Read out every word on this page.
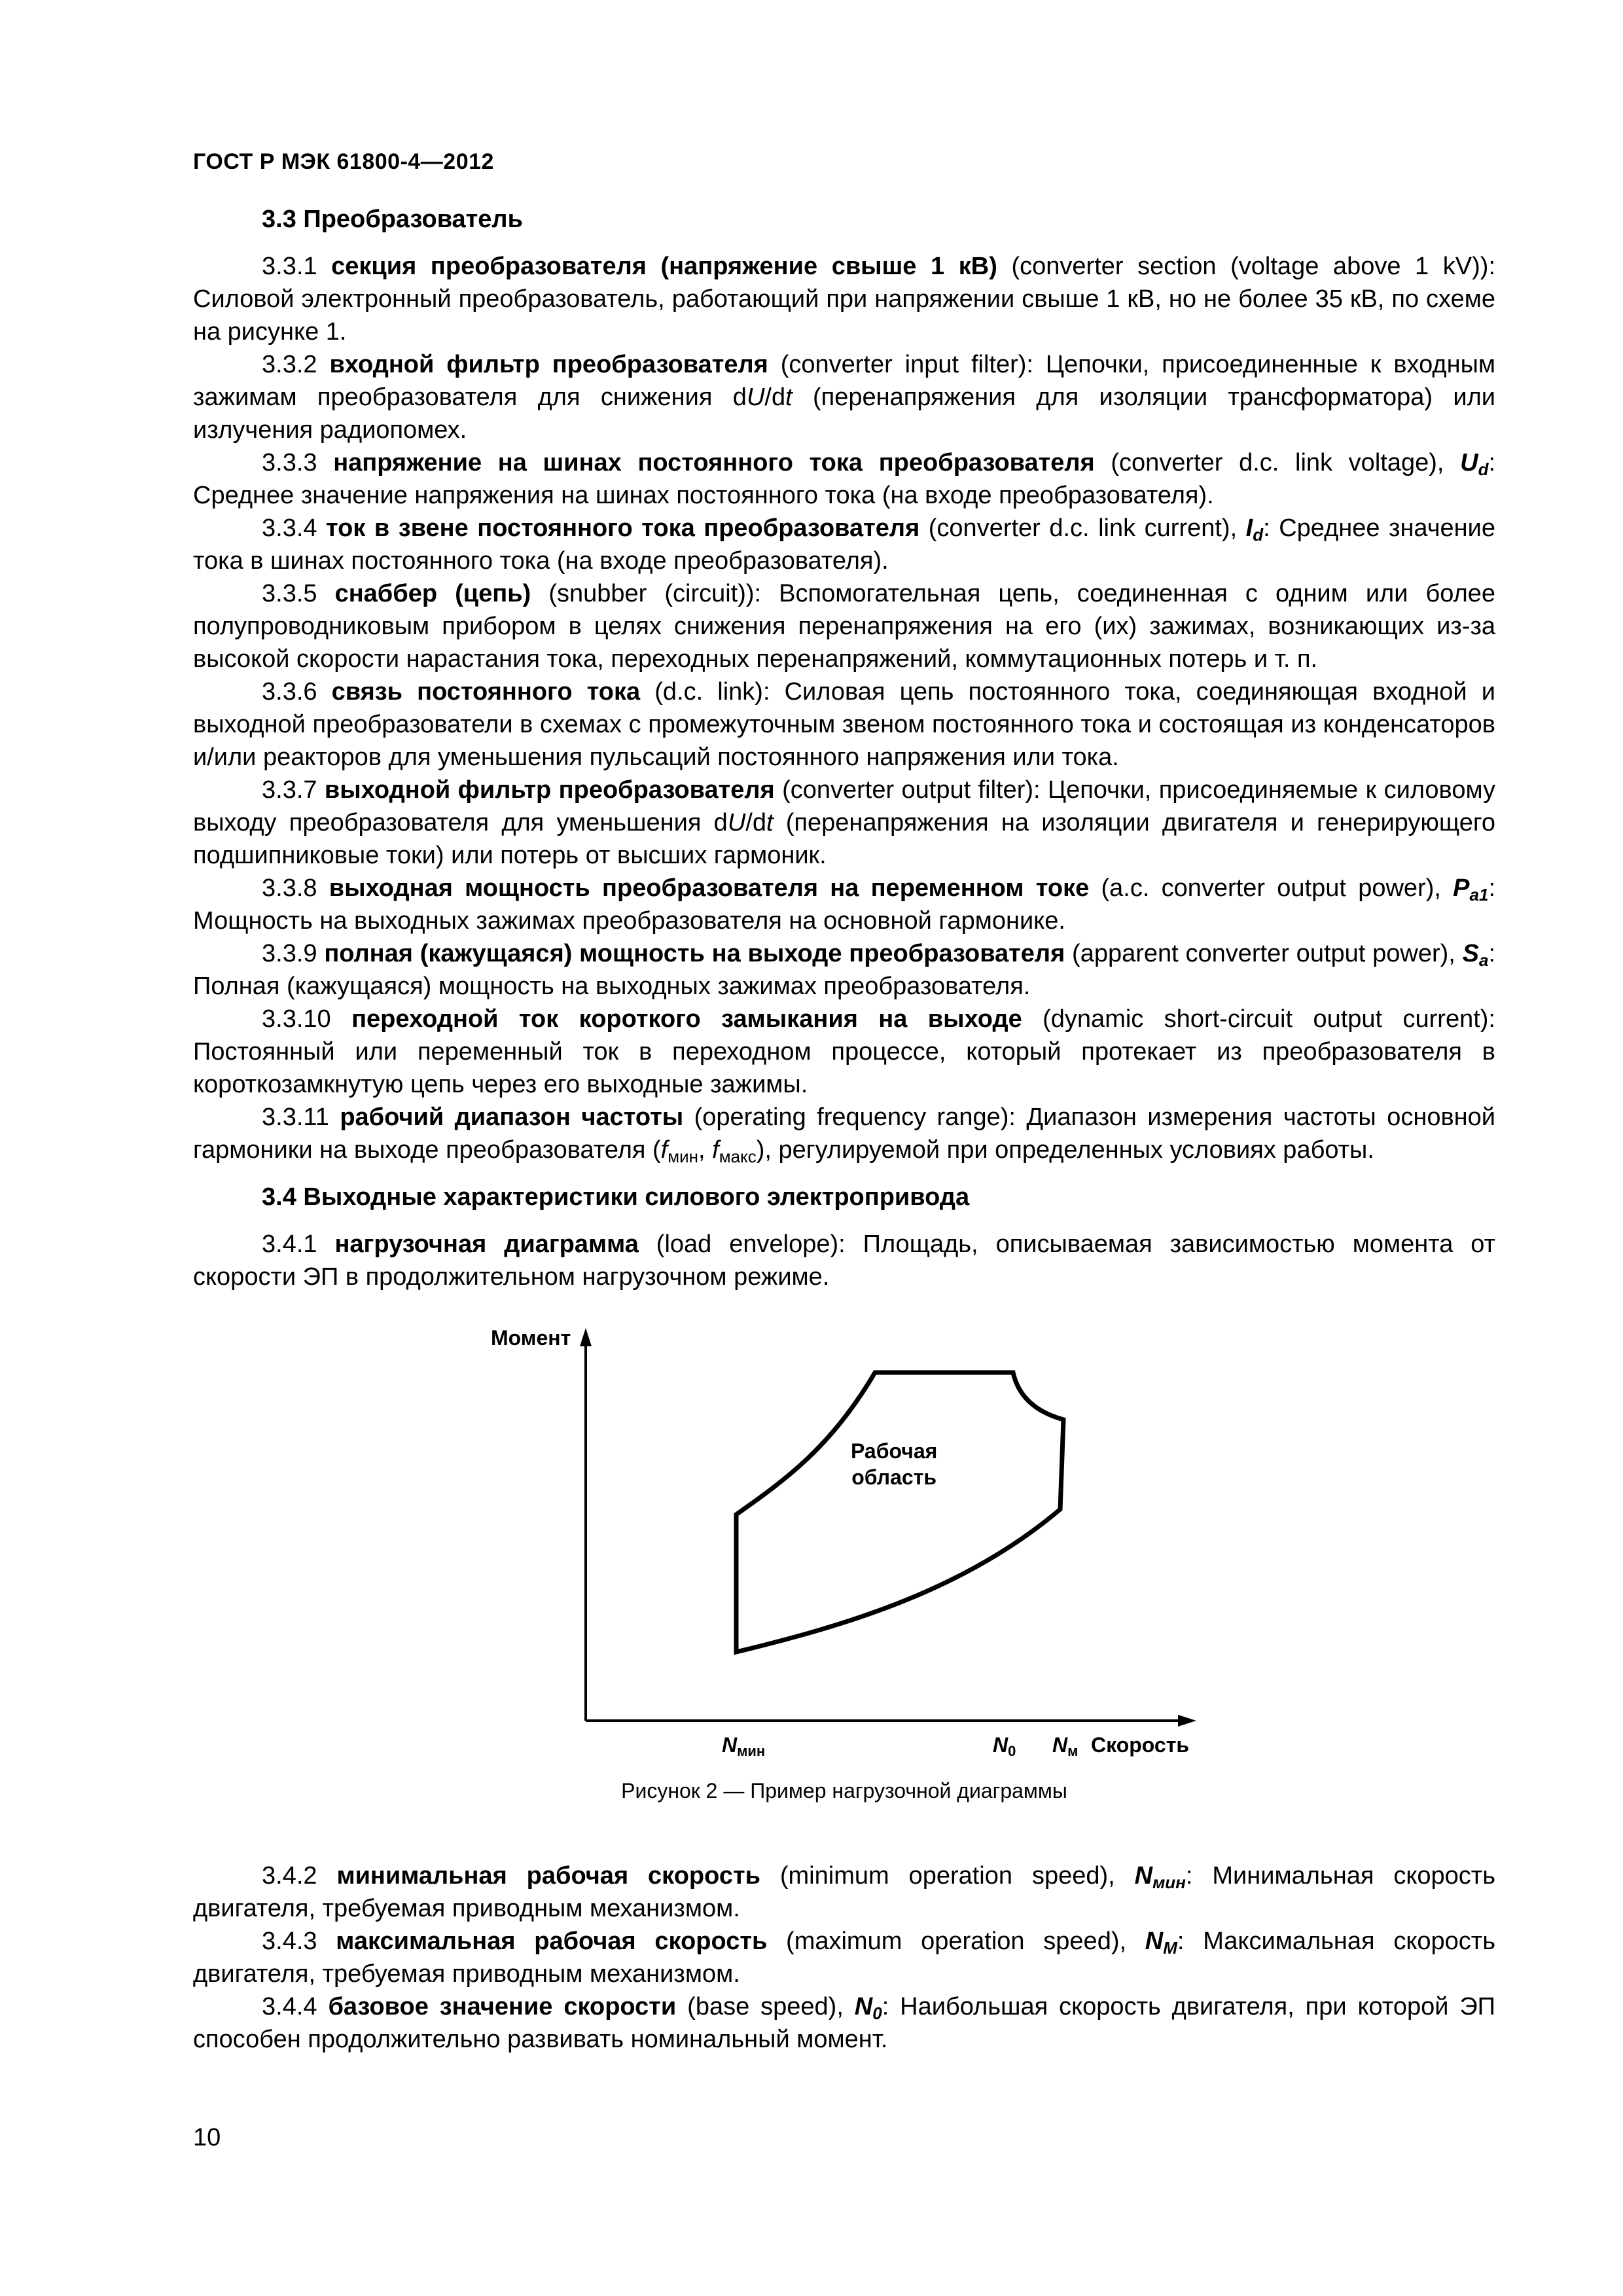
ГОСТ Р МЭК 61800-4—2012
3.3 Преобразователь

3.3.1 секция преобразователя (напряжение свыше 1 кВ) (converter section (voltage above 1 kV)): Силовой электронный преобразователь, работающий при напряжении свыше 1 кВ, но не более 35 кВ, по схеме на рисунке 1.

3.3.2 входной фильтр преобразователя (converter input filter): Цепочки, присоединенные к входным зажимам преобразователя для снижения dU/dt (перенапряжения для изоляции трансформатора) или излучения радиопомех.

3.3.3 напряжение на шинах постоянного тока преобразователя (converter d.c. link voltage), $U_d$: Среднее значение напряжения на шинах постоянного тока (на входе преобразователя).

3.3.4 ток в звене постоянного тока преобразователя (converter d.c. link current), $I_d$: Среднее значение тока в шинах постоянного тока (на входе преобразователя).

3.3.5 снаббер (цепь) (snubber (circuit)): Вспомогательная цепь, соединенная с одним или более полупроводниковым прибором в целях снижения перенапряжения на его (их) зажимах, возникающих из-за высокой скорости нарастания тока, переходных перенапряжений, коммутационных потерь и т. п.

3.3.6 связь постоянного тока (d.c. link): Силовая цепь постоянного тока, соединяющая входной и выходной преобразователи в схемах с промежуточным звеном постоянного тока и состоящая из конденсаторов и/или реакторов для уменьшения пульсаций постоянного напряжения или тока.

3.3.7 выходной фильтр преобразователя (converter output filter): Цепочки, присоединяемые к силовому выходу преобразователя для уменьшения dU/dt (перенапряжения на изоляции двигателя и генерирующего подшипниковые токи) или потерь от высших гармоник.

3.3.8 выходная мощность преобразователя на переменном токе (a.c. converter output power), $P_{a1}$: Мощность на выходных зажимах преобразователя на основной гармонике.

3.3.9 полная (кажущаяся) мощность на выходе преобразователя (apparent converter output power), $S_a$: Полная (кажущаяся) мощность на выходных зажимах преобразователя.

3.3.10 переходной ток короткого замыкания на выходе (dynamic short-circuit output current): Постоянный или переменный ток в переходном процессе, который протекает из преобразователя в короткозамкнутую цепь через его выходные зажимы.

3.3.11 рабочий диапазон частоты (operating frequency range): Диапазон измерения частоты основной гармоники на выходе преобразователя ($f_{мин}$, $f_{макс}$), регулируемой при определенных условиях работы.

3.4 Выходные характеристики силового электропривода

3.4.1 нагрузочная диаграмма (load envelope): Площадь, описываемая зависимостью момента от скорости ЭП в продолжительном нагрузочном режиме.

Момент
Рабочая
область
$N_{мин}$	$N_0$ $N_м$ Скорость
Рисунок 2 — Пример нагрузочной диаграммы

3.4.2 минимальная рабочая скорость (minimum operation speed), $N_{мин}$: Минимальная скорость двигателя, требуемая приводным механизмом.

3.4.3 максимальная рабочая скорость (maximum operation speed), $N_M$: Максимальная скорость двигателя, требуемая приводным механизмом.

3.4.4 базовое значение скорости (base speed), $N_0$: Наибольшая скорость двигателя, при которой ЭП способен продолжительно развивать номинальный момент.

10
